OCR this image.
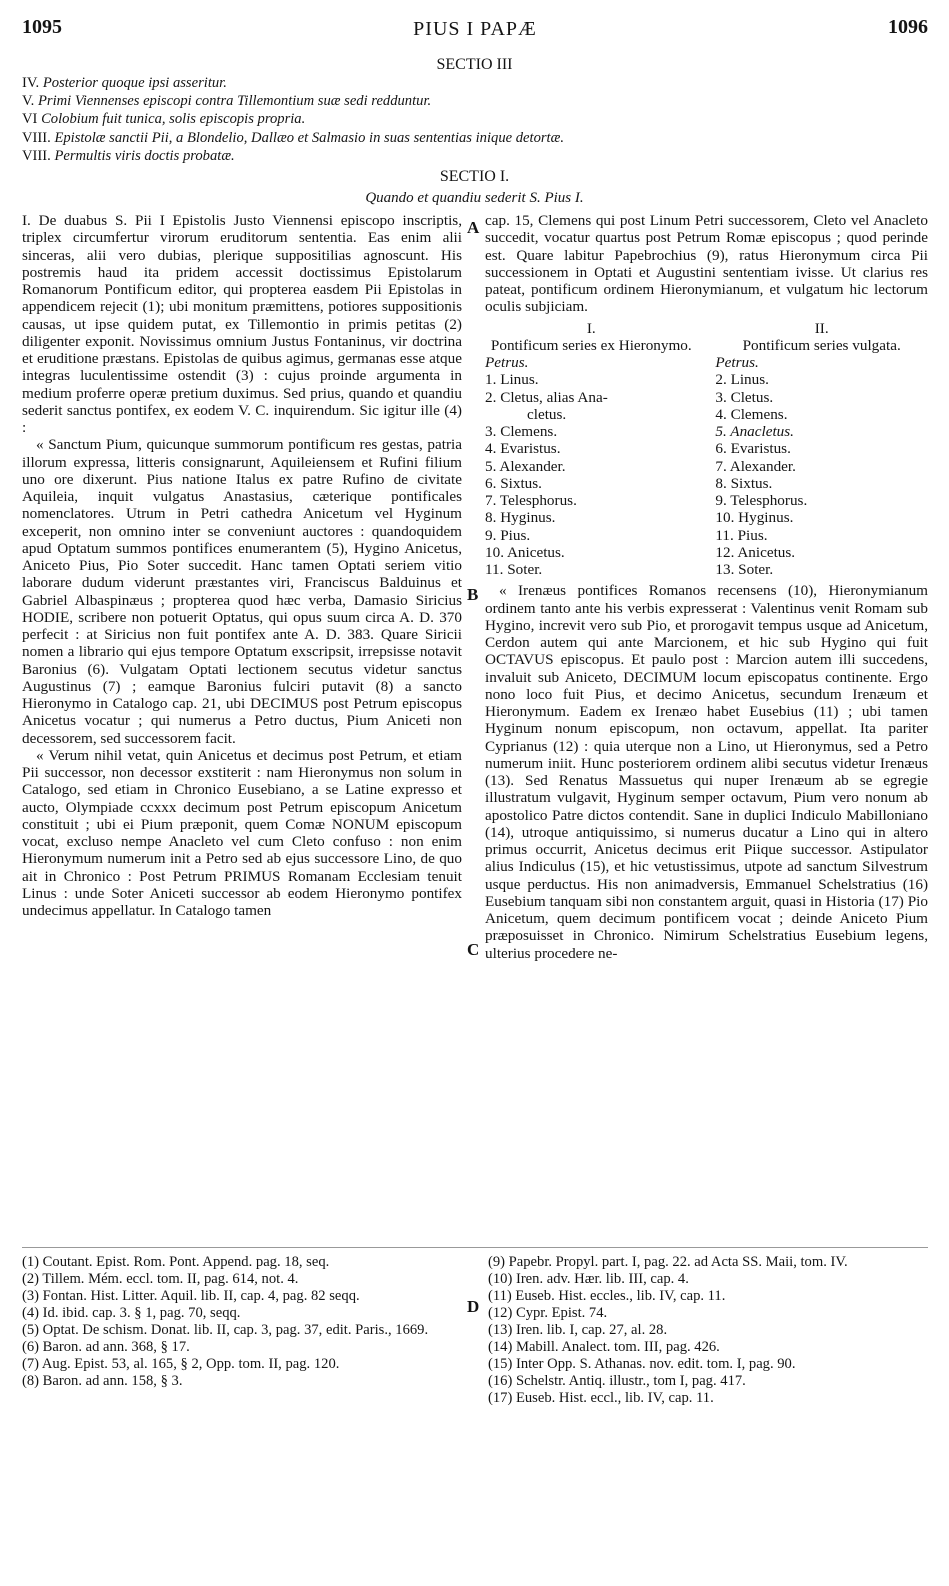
1095	PIUS I PAPÆ	1096
SECTIO III
IV. Posterior quoque ipsi asseritur.
V. Primi Viennenses episcopi contra Tillemontium suæ sedi redduntur.
VI Colobium fuit tunica, solis episcopis propria.
VIII. Epistolæ sanctii Pii, a Blondelio, Dallæo et Salmasio in suas sententias inique detortæ.
VIII. Permultis viris doctis probatæ.
SECTIO I.
Quando et quandiu sederit S. Pius I.

I. De duabus S. Pii I Epistolis Justo Viennensi episcopo inscriptis, triplex circumfertur virorum eruditorum sententia. Eas enim alii sinceras, alii vero dubias, plerique suppositilias agnoscunt. His postremis haud ita pridem accessit doctissimus Epistolarum Romanorum Pontificum editor, qui propterea easdem Pii Epistolas in appendicem rejecit (1); ubi monitum præmittens, potiores suppositionis causas, ut ipse quidem putat, ex Tillemontio in primis petitas (2) diligenter exponit. Novissimus omnium Justus Fontaninus, vir doctrina et eruditione præstans. Epistolas de quibus agimus, germanas esse atque integras luculentissime ostendit (3) : cujus proinde argumenta in medium proferre operæ pretium duximus. Sed prius, quando et quandiu sederit sanctus pontifex, ex eodem V. C. inquirendum. Sic igitur ille (4) :

« Sanctum Pium, quicunque summorum pontificum res gestas, patria illorum expressa, litteris consignarunt, Aquileiensem et Rufini filium uno ore dixerunt. Pius natione Italus ex patre Rufino de civitate Aquileia, inquit vulgatus Anastasius, cæterique pontificales nomenclatores. Utrum in Petri cathedra Anicetum vel Hyginum exceperit, non omnino inter se conveniunt auctores : quandoquidem apud Optatum summos pontifices enumerantem (5), Hygino Anicetus, Aniceto Pius, Pio Soter succedit. Hanc tamen Optati seriem vitio laborare dudum viderunt præstantes viri, Franciscus Balduinus et Gabriel Albaspinæus ; propterea quod hæc verba, Damasio Siricius HODIE, scribere non potuerit Optatus, qui opus suum circa A. D. 370 perfecit : at Siricius non fuit pontifex ante A. D. 383. Quare Siricii nomen a librario qui ejus tempore Optatum exscripsit, irrepsisse notavit Baronius (6). Vulgatam Optati lectionem secutus videtur sanctus Augustinus (7) ; eamque Baronius fulciri putavit (8) a sancto Hieronymo in Catalogo cap. 21, ubi DECIMUS post Petrum episcopus Anicetus vocatur ; qui numerus a Petro ductus, Pium Aniceti non decessorem, sed successorem facit.

« Verum nihil vetat, quin Anicetus et decimus post Petrum, et etiam Pii successor, non decessor exstiterit : nam Hieronymus non solum in Catalogo, sed etiam in Chronico Eusebiano, a se Latine expresso et aucto, Olympiade ccxxx decimum post Petrum episcopum Anicetum constituit ; ubi ei Pium præponit, quem Comæ NONUM episcopum vocat, excluso nempe Anacleto vel cum Cleto confuso : non enim Hieronymum numerum init a Petro sed ab ejus successore Lino, de quo ait in Chronico : Post Petrum PRIMUS Romanam Ecclesiam tenuit Linus : unde Soter Aniceti successor ab eodem Hieronymo pontifex undecimus appellatur. In Catalogo tamen

A
B
C
D

cap. 15, Clemens qui post Linum Petri successorem, Cleto vel Anacleto succedit, vocatur quartus post Petrum Romæ episcopus ; quod perinde est. Quare labitur Papebrochius (9), ratus Hieronymum circa Pii successionem in Optati et Augustini sententiam ivisse. Ut clarius res pateat, pontificum ordinem Hieronymianum, et vulgatum hic lectorum oculis subjiciam.

I.
Pontificum series ex Hieronymo.
Petrus.
1. Linus.
2. Cletus, alias Ana-
cletus.
3. Clemens.
4. Evaristus.
5. Alexander.
6. Sixtus.
7. Telesphorus.
8. Hyginus.
9. Pius.
10. Anicetus.
11. Soter.
II.
Pontificum series vulgata.
Petrus.
2. Linus.
3. Cletus.
4. Clemens.
5. Anacletus.
6. Evaristus.
7. Alexander.
8. Sixtus.
9. Telesphorus.
10. Hyginus.
11. Pius.
12. Anicetus.
13. Soter.

« Irenæus pontifices Romanos recensens (10), Hieronymianum ordinem tanto ante his verbis expresserat : Valentinus venit Romam sub Hygino, increvit vero sub Pio, et prorogavit tempus usque ad Anicetum, Cerdon autem qui ante Marcionem, et hic sub Hygino qui fuit OCTAVUS episcopus. Et paulo post : Marcion autem illi succedens, invaluit sub Aniceto, DECIMUM locum episcopatus continente. Ergo nono loco fuit Pius, et decimo Anicetus, secundum Irenæum et Hieronymum. Eadem ex Irenæo habet Eusebius (11) ; ubi tamen Hyginum nonum episcopum, non octavum, appellat. Ita pariter Cyprianus (12) : quia uterque non a Lino, ut Hieronymus, sed a Petro numerum iniit. Hunc posteriorem ordinem alibi secutus videtur Irenæus (13). Sed Renatus Massuetus qui nuper Irenæum ab se egregie illustratum vulgavit, Hyginum semper octavum, Pium vero nonum ab apostolico Patre dictos contendit. Sane in duplici Indiculo Mabilloniano (14), utroque antiquissimo, si numerus ducatur a Lino qui in altero primus occurrit, Anicetus decimus erit Piique successor. Astipulator alius Indiculus (15), et hic vetustissimus, utpote ad sanctum Silvestrum usque perductus. His non animadversis, Emmanuel Schelstratius (16) Eusebium tanquam sibi non constantem arguit, quasi in Historia (17) Pio Anicetum, quem decimum pontificem vocat ; deinde Aniceto Pium præposuisset in Chronico. Nimirum Schelstratius Eusebium legens, ulterius procedere ne-

(1) Coutant. Epist. Rom. Pont. Append. pag. 18, seq.
(2) Tillem. Mém. eccl. tom. II, pag. 614, not. 4.
(3) Fontan. Hist. Litter. Aquil. lib. II, cap. 4, pag. 82 seqq.
(4) Id. ibid. cap. 3. § 1, pag. 70, seqq.
(5) Optat. De schism. Donat. lib. II, cap. 3, pag. 37, edit. Paris., 1669.
(6) Baron. ad ann. 368, § 17.
(7) Aug. Epist. 53, al. 165, § 2, Opp. tom. II, pag. 120.
(8) Baron. ad ann. 158, § 3.
(9) Papebr. Propyl. part. I, pag. 22. ad Acta SS. Maii, tom. IV.
(10) Iren. adv. Hær. lib. III, cap. 4.
(11) Euseb. Hist. eccles., lib. IV, cap. 11.
(12) Cypr. Epist. 74.
(13) Iren. lib. I, cap. 27, al. 28.
(14) Mabill. Analect. tom. III, pag. 426.
(15) Inter Opp. S. Athanas. nov. edit. tom. I, pag. 90.
(16) Schelstr. Antiq. illustr., tom I, pag. 417.
(17) Euseb. Hist. eccl., lib. IV, cap. 11.
